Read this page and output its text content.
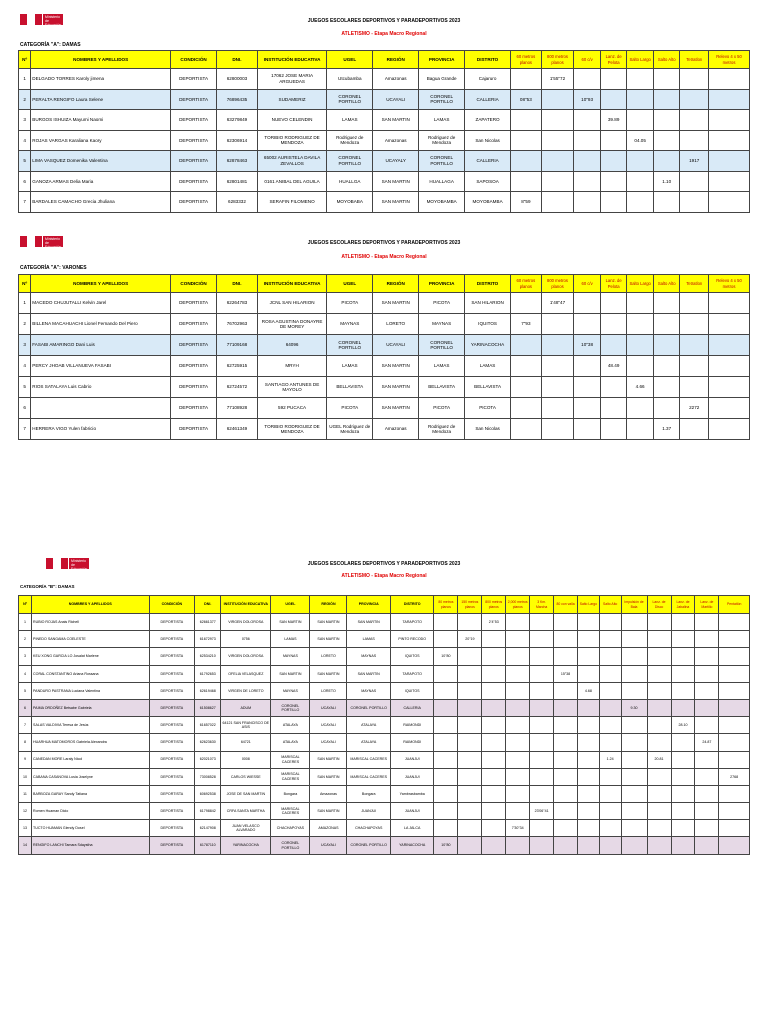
Ministerio de Educación
JUEGOS ESCOLARES DEPORTIVOS Y PARADEPORTIVOS 2023
ATLETISMO - Etapa Macro Regional
CATEGORÍA "A": DAMAS
Nº	NOMBRES Y APELLIDOS	CONDICIÓN	DNI.	INSTITUCIÓN EDUCATIVA	UGEL	REGIÓN	PROVINCIA	DISTRITO	60 metros planos	800 metros planos	60 c/v	Lanz. de Pelota	Salto Largo	Salto Alto	Tetratlon	Relevo 4 x 50 metros
1	DELGADO TORRES Karoly jimena	DEPORTISTA	62800003	17062 JOSE MARIA ARGUEDAS	Utcubamba	Amazonas	Bagua Grande	Cajaruro		1'55"72						
2	PERALTA RENGIFO Laura Selene	DEPORTISTA	76896435	SUDAMERIZ	CORONEL PORTILLO	UCAYALI	CORONEL PORTILLO	CALLERIA	08"53		10"93					
3	BURGOS ISHUIZA Mayumi Naomi	DEPORTISTA	63279849	NUEVO CELENDIN	LAMAS	SAN MARTIN	LAMAS	ZAPATERO				39.89				
4	ROJAS VARGAS Karaliana Kaory	DEPORTISTA	62306914	TORIBIO RODRIGUEZ DE MENDOZA	Rodriguez de Mendoza	Amazonas	Rodriguez de Mendoza	San Nicolas					04.05			
5	LIMA VASQUEZ Domenika Valentina	DEPORTISTA	62878463	65002 AURISTELA DAVILA ZEVALLOS	CORONEL PORTILLO	UCAYALY	CORONEL PORTILLO	CALLERIA							1917	
6	GANOZA ARMAS Delia Maria	DEPORTISTA	62801481	0161 ANIBAL DEL AGUILA	HUALLGA	SAN MARTIN	HUALLAGA	SAPOSOA						1.10		
7	BARDALES CAMACHO Grecia Jhuliana	DEPORTISTA	6283332	SERAFIN FILOMENO	MOYOBABA	SAN MARTIN	MOYOBAMBA	MOYOBAMBA	8"59							
Ministerio de Educación
JUEGOS ESCOLARES DEPORTIVOS Y PARADEPORTIVOS 2023
ATLETISMO - Etapa Macro Regional
CATEGORÍA "A": VARONES
Nº	NOMBRES Y APELLIDOS	CONDICIÓN	DNI.	INSTITUCIÓN EDUCATIVA	UGEL	REGIÓN	PROVINCIA	DISTRITO	60 metros planos	800 metros planos	60 c/v	Lanz. de Pelota	Salto Largo	Salto Alto	Tetratlon	Relevo 4 x 50 metros
1	MACEDO CHUJUTALLI Kelvin Jarel	DEPORTISTA	62264783	JCNL SAN HILARION	PICOTA	SAN MARTIN	PICOTA	SAN HILARION		1'48"47						
2	BILLENA MACAHUACHI Lionel Fernando Del Piero	DEPORTISTA	76702963	ROSA AGUSTINA DONAYRE DE MOREY	MAYNAS	LORETO	MAYNAS	IQUITOS	7"93							
3	FASABI AMARINGO Dani Luis	DEPORTISTA	77109168	64096	CORONEL PORTILLO	UCAYALI	CORONEL PORTILLO	YARINACOCHA			10"38					
4	PERCY JHOAB VILLANUEVA FASABI	DEPORTISTA	62725915	MRYH	LAMAS	SAN MARTIN	LAMAS	LAMAS				48.49				
5	RIOS SATALAYA Luis Cabrio	DEPORTISTA	62724572	SANTIAGO ANTUNES DE MAYOLO	BELLAVISTA	SAN MARTIN	BELLAVISTA	BELLAVISTA					4.66			
6		DEPORTISTA	77108928	592 PUCACA	PICOTA	SAN MARTIN	PICOTA	PICOTA							2272	
7	HERRERA VIGO Yulen fabricio	DEPORTISTA	62461349	TORIBIO RODRIGUEZ DE MENDOZA	UGEL Rodriguez de Mendoza	Amazonas	Rodriguez de Mendoza	San Nicolas						1.37		
Ministerio de Educación
JUEGOS ESCOLARES DEPORTIVOS Y PARADEPORTIVOS 2023
ATLETISMO - Etapa Macro Regional
CATEGORÍA "B": DAMAS
Nº	NOMBRES Y APELLIDOS	CONDICIÓN	DNI.	INSTITUCIÓN EDUCATIVA	UGEL	REGIÓN	PROVINCIA	DISTRITO	80 metros planos	150 metros planos	800 metros planos	2,000 metros planos	3 Km. Marcha	80 con valla	Salto Largo	Salto Alto	Impulsión de Bala	Lanz. de Disco	Lanz. de Jabalina	Lanz. de Martillo	Pentatlón
1	RUBIO ROJAS Anais Richell	DEPORTISTA	62661377	VIRGEN DOLOROSA	SAN MARTIN	SAN MARTIN	SAN MARTIN	TARAPOTO			2'4"53										
2	PINEDO SANGAMA COELESTE	DEPORTISTA	61672973	0756	LAMAS	SAN MARTIN	LAMAS	PINTO RECODO		20"19											
3	KEU XONG GARCIA LO Josalat Marlene	DEPORTISTA	62534210	VIRGEN DOLOROSA	MAYNAS	LORETO	MAYNAS	IQUITOS	10"80												
4	CORAL CONSTANTINO Ariana Rossana	DEPORTISTA	61792653	OFELIA VELASQUEZ	SAN MARTIN	SAN MARTIN	SAN MARTIN	TARAPOTO						15"38							
5	PANDURO PASTRANA Luciana Valentina	DEPORTISTA	62619468	VIRGEN DE LORETO	MAYNAS	LORETO	MAYNAS	IQUITOS							4.68						
6	PAIMA ORDOÑEZ Betsabe Gabriela	DEPORTISTA	61508627	ADUM	CORONEL PORTILLO	UCAYALI	CORONEL PORTILLO	CALLERIA									9.30				
7	SALAS VALDIVIA Teresa de Jesús	DEPORTISTA	61657022	64121 SAN FRANCISCO DE ASIS	ATALAYA	UCAYALI	ATALAYA	RAIMONDI											28.10		
8	HUARHUA MATOMOROS Gabriela Alexandra	DEPORTISTA	62623630	64721	ATALAYA	UCAYALI	ATALAYA	RAIMONDI												24.87	
9	CANEDAN MORE Laraly Nicol	DEPORTISTA	62021073	0008	MARISCAL CACERES	SAN MARTIN	MARISCAL CACERES	JUANJUI								1.24		20.81			
10	CABANA CASANOVA Lusia Joselyne	DEPORTISTA	73008528	CARLOS WIESSE	MARISCAL CACERES	SAN MARTIN	MARISCAL CACERES	JUANJUI													2768
11	BARBOZA GARAY Sandy Tatiana	DEPORTISTA	60692538	JOSE DE SAN MARTIN	Bongara	Amazonas	Bongara	Yambrasbamba													
12	Romen Huaman Dicio	DEPORTISTA	61798842	CRFA SANTA MARTHA	MARISCAL CACERES	SAN MARTIN	JUANJUI	JUANJUI					23'06"41								
13	TUCTO HUAMAN Glendy Dosel	DEPORTISTA	62147908	JUAN VELASCO ALVARADO	CHACHAPOYAS	AMAZONAS	CHACHAPOYAS	LA JALCA				7'30"34									
14	RENGIFO LANCHI Tamara Sdaystha	DEPORTISTA	61787110	YARINACOCHA	CORONEL PORTILLO	UCAYALI	CORONEL PORTILLO	YARINACOCHA	10"80												
